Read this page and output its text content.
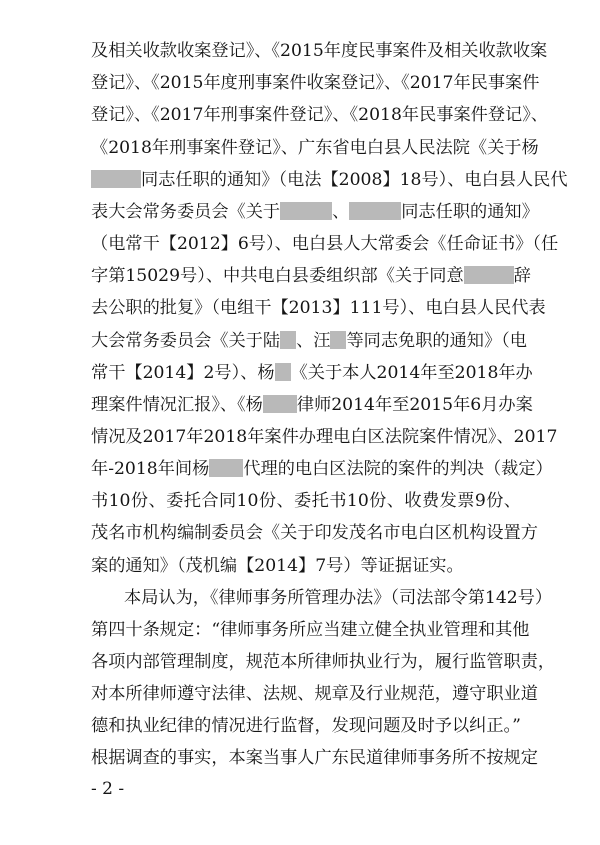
及相关收款收案登记》、《2015年度民事案件及相关收款收案
登记》、《2015年度刑事案件收案登记》、《2017年民事案件
登记》、《2017年刑事案件登记》、《2018年民事案件登记》、
《2018年刑事案件登记》、广东省电白县人民法院《关于杨
同志任职的通知》（电法【2008】18号）、电白县人民代
表大会常务委员会《关于	、	同志任职的通知》
（电常干【2012】6号）、电白县人大常委会《任命证书》（任
字第15029号）、中共电白县委组织部《关于同意	辞
去公职的批复》（电组干【2013】111号）、电白县人民代表
大会常务委员会《关于陆 、汪 等同志免职的通知》（电
常干【2014】2号）、杨 《关于本人2014年至2018年办
理案件情况汇报》、《杨 律师2014年至2015年6月办案
情况及2017年2018年案件办理电白区法院案件情况》、2017
年-2018年间杨 代理的电白区法院的案件的判决（裁定）
书10份、委托合同10份、委托书10份、收费发票9份、
茂名市机构编制委员会《关于印发茂名市电白区机构设置方
案的通知》（茂机编【2014】7号）等证据证实。
本局认为，《律师事务所管理办法》（司法部令第142号）
第四十条规定：“律师事务所应当建立健全执业管理和其他
各项内部管理制度，规范本所律师执业行为，履行监管职责，
对本所律师遵守法律、法规、规章及行业规范，遵守职业道
德和执业纪律的情况进行监督，发现问题及时予以纠正。”
根据调查的事实，本案当事人广东民道律师事务所不按规定
- 2 -
